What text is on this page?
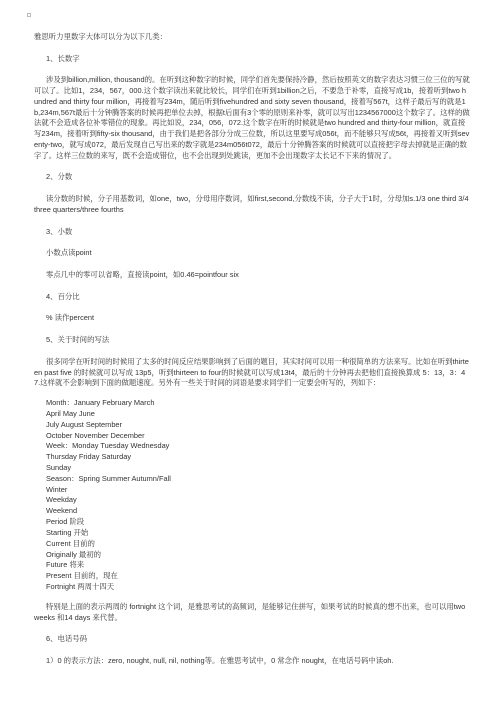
雅思听力里数字大体可以分为以下几类：

1、长数字

涉及到billion,million, thousand的。在听到这种数字的时候，同学们首先要保持冷静，然后按照英文的数字表达习惯三位三位的写就可以了。比如1，234，567，000.这个数字读出来就比较长，同学们在听到1billion之后，不要急于补零，直接写成1b，接着听到two hundred and thirty four million，再接着写234m，随后听到fivehundred and sixty seven thousand，接着写567t，这样子最后写的就是1b,234m,567t最后十分钟腾答案的时候再把单位去掉，根据t后面有3个零的原则来补零，就可以写出1234567000这个数字了。这样的做法就不会造成各位补零错位的现象。再比如说，234，056，072.这个数字在听的时候就是two hundred and thirty-four million，就直接写234m，接着听到fifty-six thousand，由于我们是把各部分分成三位数，所以这里要写成056t，而不能够只写成56t，再接着又听到seventy-two，就写成072，最后发现自己写出来的数字就是234m056t072，最后十分钟腾答案的时候就可以直接把字母去掉就是正确的数字了。这样三位数的来写，既不会造成错位，也不会出现到处跳读，更加不会出现数字太长记不下来的情况了。

2、分数

读分数的时候，分子用基数词，如one，two，分母用序数词，如first,second,分数线不读，分子大于1时，分母加s.1/3 one third 3/4 three quarters/three fourths

3、小数

小数点读point

零点几中的零可以省略，直接读point，如0.46=pointfour six

4、百分比

% 读作percent

5、关于时间的写法

很多同学在听时间的时候用了太多的时间反应结果影响到了后面的题目，其实时间可以用一种很简单的方法来写。比如在听到thirteen past five 的时候就可以写成 13p5，听到thirteen to four的时候就可以写成13t4，最后的十分钟再去把他们直接换算成 5：13，3：47.这样就不会影响到下面的做题速度。另外有一些关于时间的词语是要求同学们一定要会听写的，列如下：

Month：January February March

April May June

July August September

October November December

Week：Monday Tuesday Wednesday

Thursday Friday Saturday

Sunday

Season：Spring Summer Autumn/Fall

Winter

Weekday

Weekend

Period 阶段

Starting 开始

Current 目前的

Originally 最初的

Future 将来

Present 目前的，现在

Fortnight 两周十四天

特别是上面的表示两周的 fortnight 这个词，是雅思考试的高频词，是能够记住拼写，如果考试的时候真的想不出来，也可以用two weeks 和14 days 来代替。

6、电话号码

1）0 的表示方法：zero, nought, null, nil, nothing等。在雅思考试中，0 常念作 nought，在电话号码中读oh.
